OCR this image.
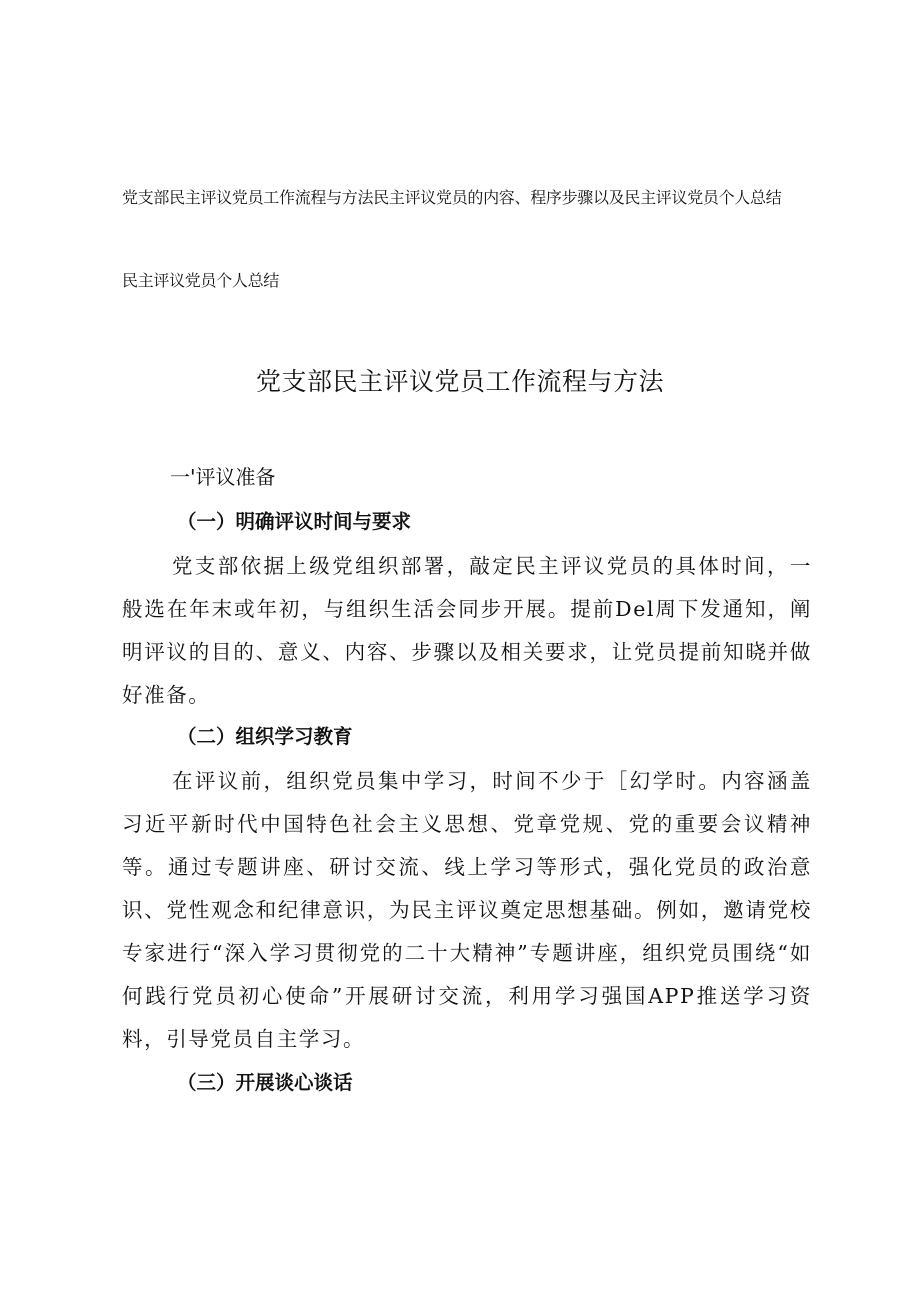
党支部民主评议党员工作流程与方法民主评议党员的内容、程序步骤以及民主评议党员个人总结
民主评议党员个人总结
党支部民主评议党员工作流程与方法
一'评议准备
（一）明确评议时间与要求

党支部依据上级党组织部署，敲定民主评议党员的具体时间，一般选在年末或年初，与组织生活会同步开展。提前Del周下发通知，阐明评议的目的、意义、内容、步骤以及相关要求，让党员提前知晓并做好准备。

（二）组织学习教育

在评议前，组织党员集中学习，时间不少于［幻学时。内容涵盖习近平新时代中国特色社会主义思想、党章党规、党的重要会议精神等。通过专题讲座、研讨交流、线上学习等形式，强化党员的政治意识、党性观念和纪律意识，为民主评议奠定思想基础。例如，邀请党校专家进行“深入学习贯彻党的二十大精神”专题讲座，组织党员围绕“如何践行党员初心使命”开展研讨交流，利用学习强国APP推送学习资料，引导党员自主学习。

（三）开展谈心谈话
